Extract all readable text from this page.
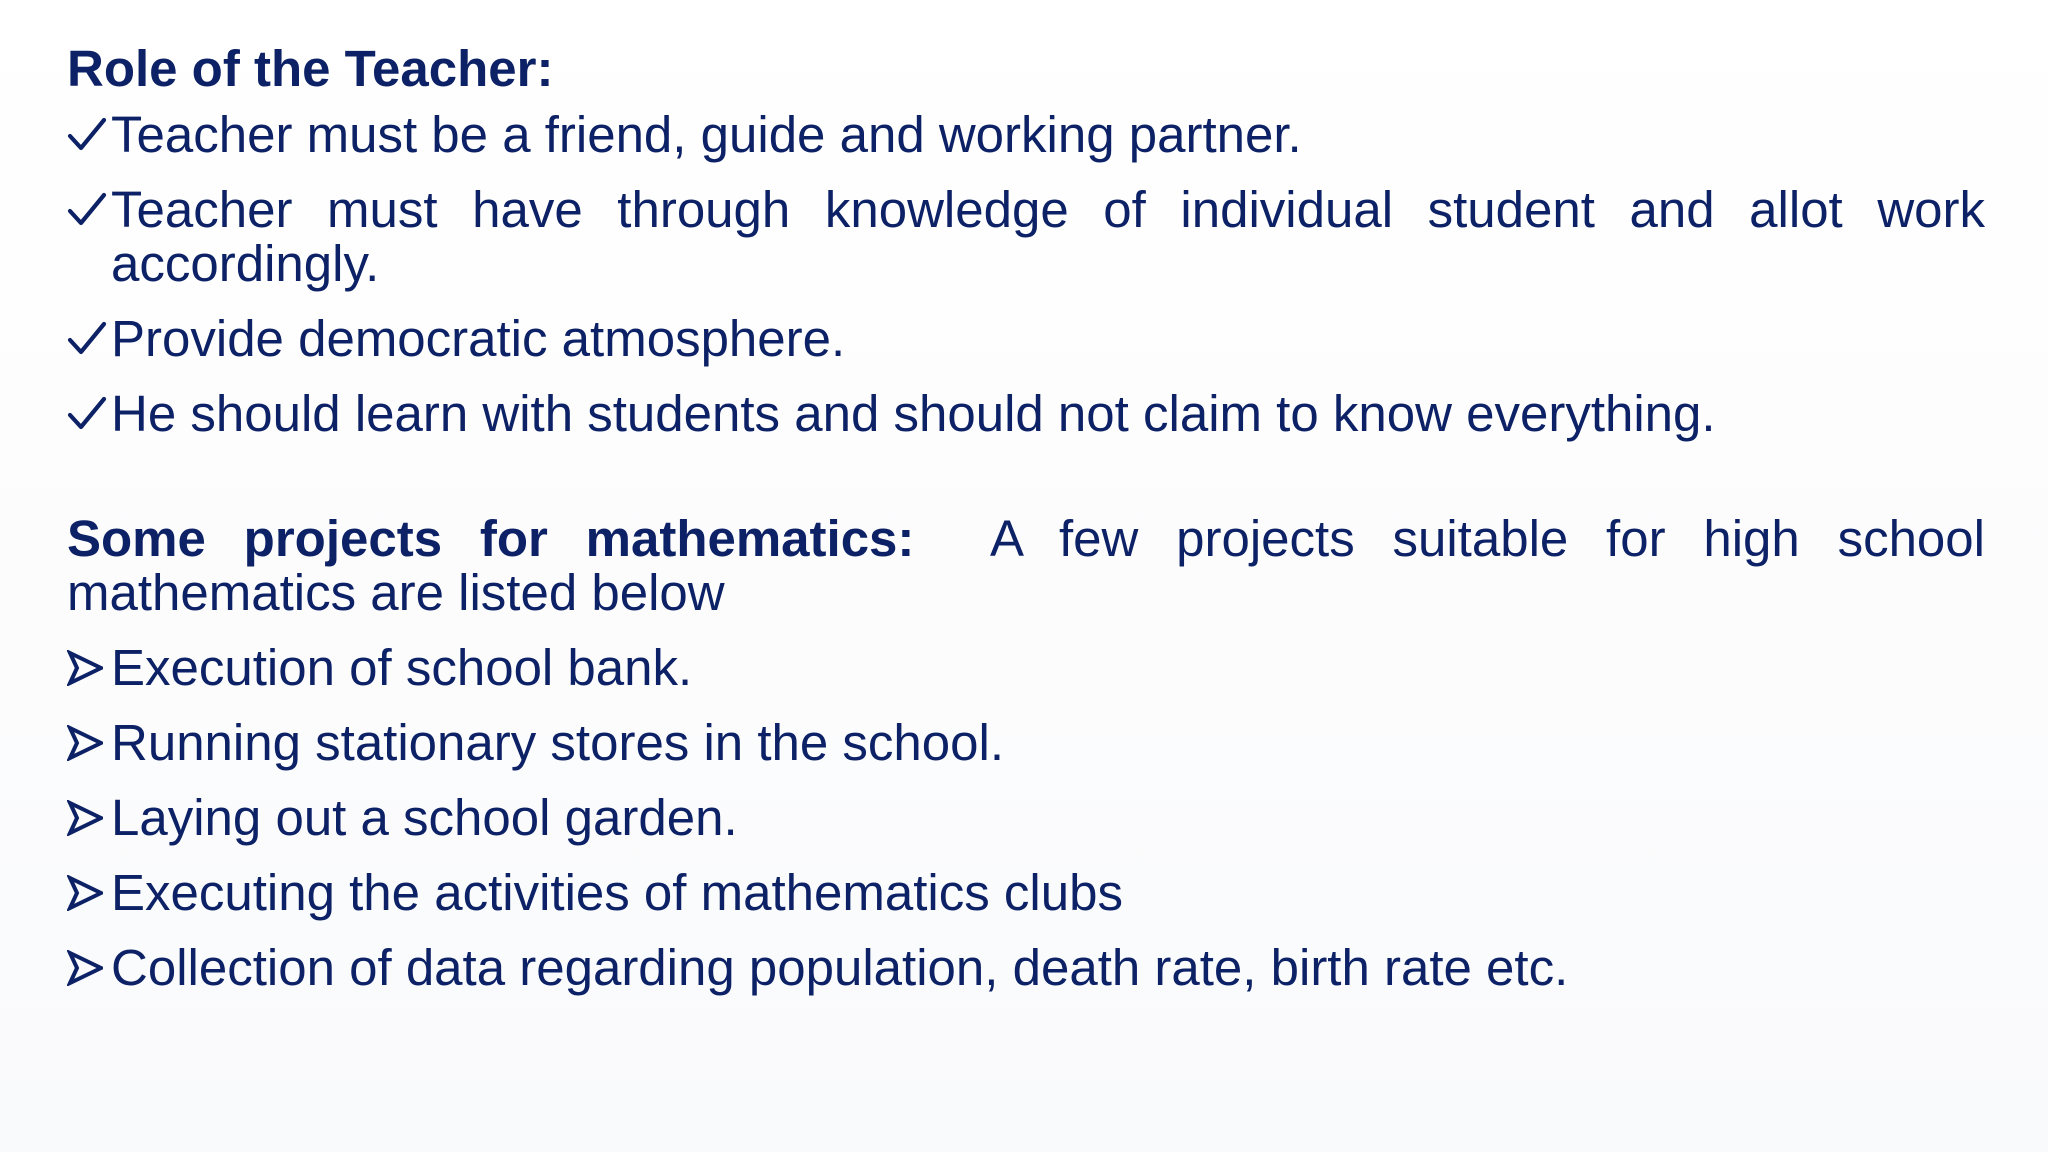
Role of the Teacher:
Teacher must be a friend, guide and working partner.
Teacher must have through knowledge of individual student and allot work accordingly.
Provide democratic atmosphere.
He should learn with students and should not claim to know everything.
Some projects for mathematics: A few projects suitable for high school mathematics are listed below
Execution of school bank.
Running stationary stores in the school.
Laying out a school garden.
Executing the activities of mathematics clubs
Collection of data regarding population, death rate, birth rate etc.
